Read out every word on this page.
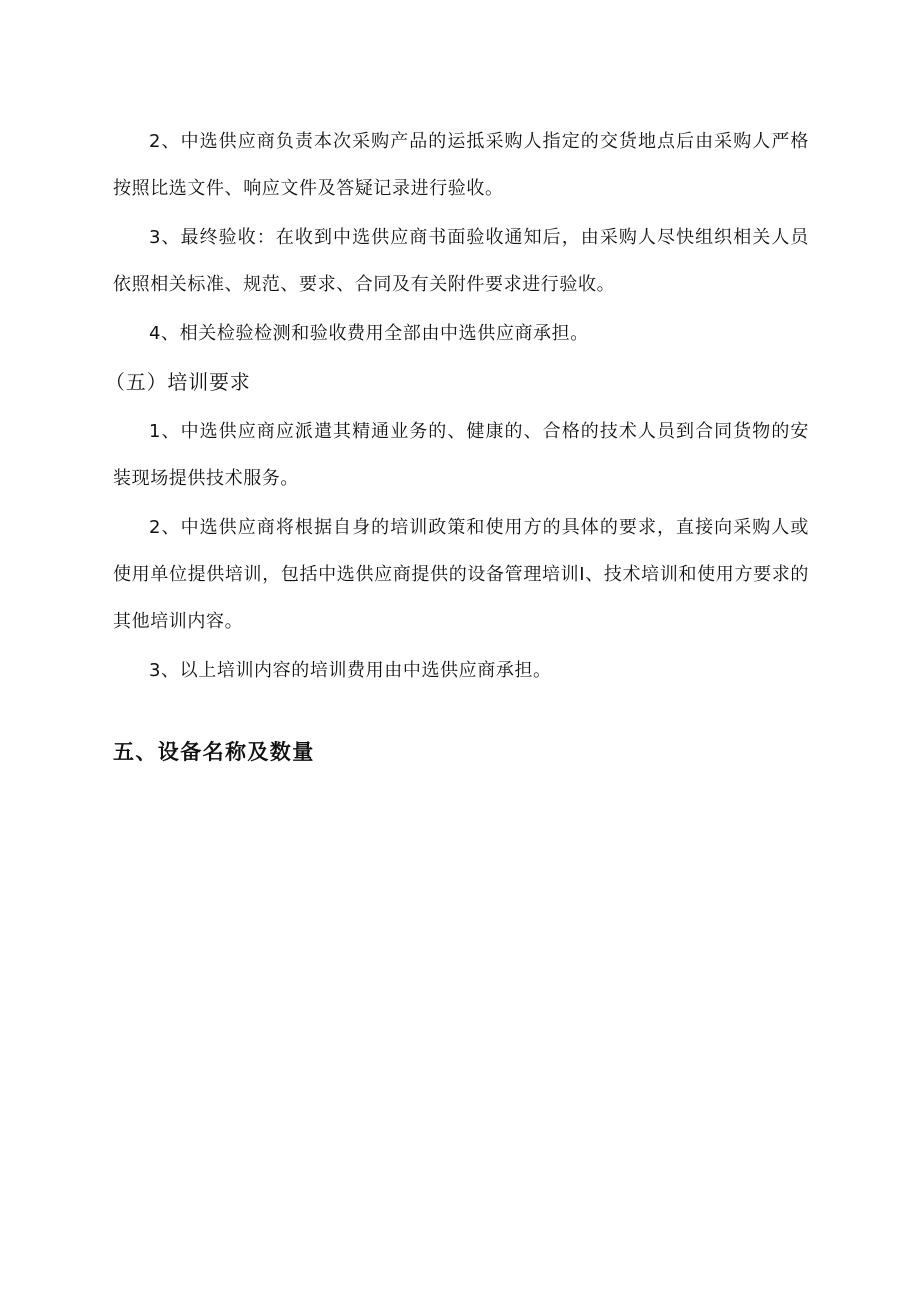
2、中选供应商负责本次采购产品的运抵采购人指定的交货地点后由采购人严格按照比选文件、响应文件及答疑记录进行验收。

3、最终验收：在收到中选供应商书面验收通知后，由采购人尽快组织相关人员依照相关标准、规范、要求、合同及有关附件要求进行验收。

4、相关检验检测和验收费用全部由中选供应商承担。

（五）培训要求

1、中选供应商应派遣其精通业务的、健康的、合格的技术人员到合同货物的安装现场提供技术服务。

2、中选供应商将根据自身的培训政策和使用方的具体的要求，直接向采购人或使用单位提供培训，包括中选供应商提供的设备管理培训I、技术培训和使用方要求的其他培训内容。

3、以上培训内容的培训费用由中选供应商承担。

五、设备名称及数量
